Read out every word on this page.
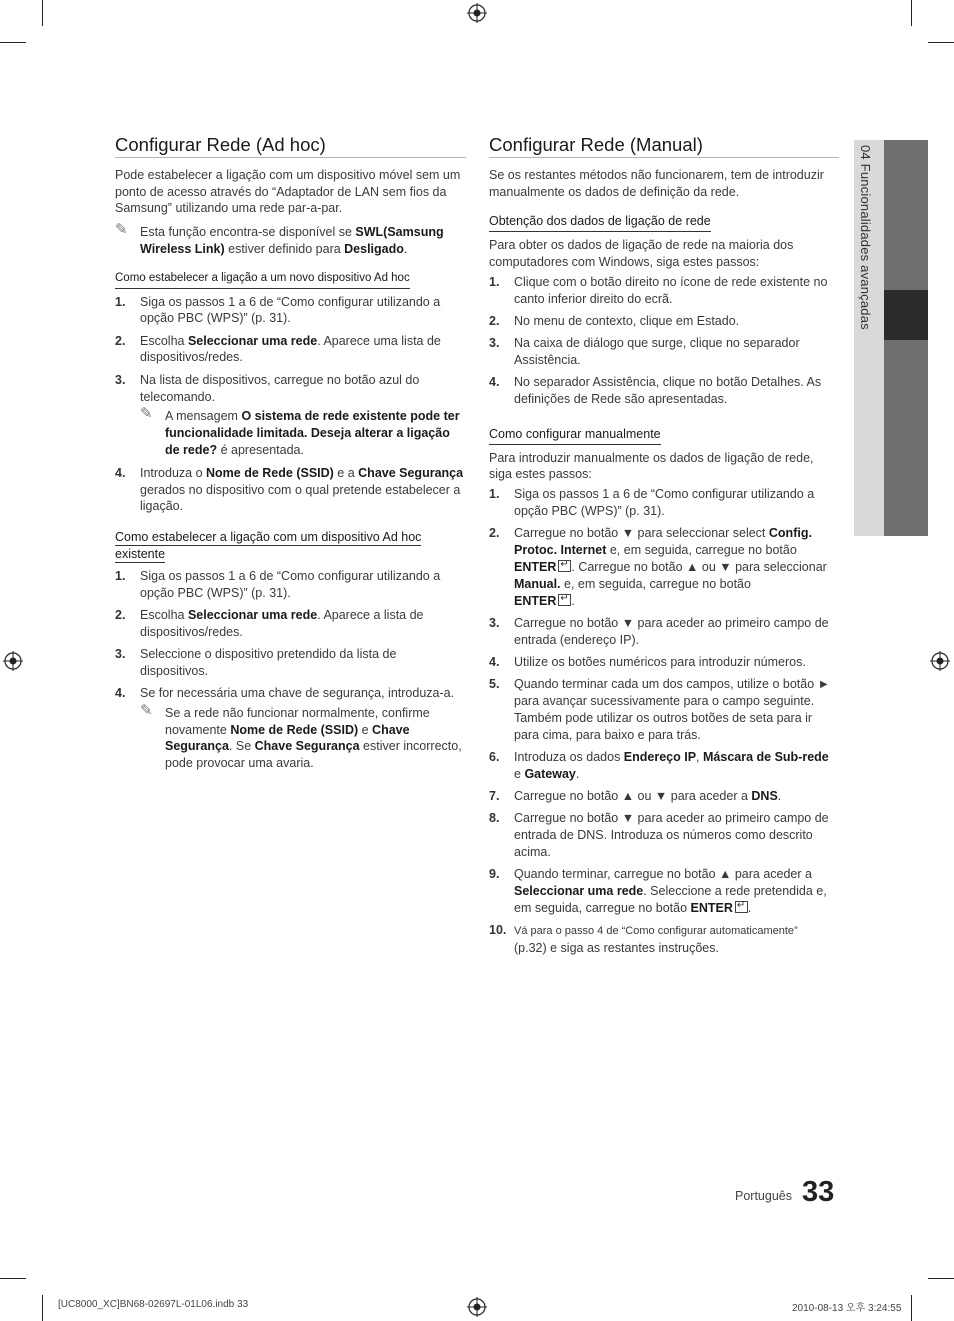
04 Funcionalidades avançadas
Configurar Rede (Ad hoc)

Pode estabelecer a ligação com um dispositivo móvel sem um ponto de acesso através do “Adaptador de LAN sem fios da Samsung” utilizando uma rede par-a-par.

✎ Esta função encontra-se disponível se SWL(Samsung Wireless Link) estiver definido para Desligado.
Como estabelecer a ligação a um novo dispositivo Ad hoc
1. Siga os passos 1 a 6 de “Como configurar utilizando a opção PBC (WPS)” (p. 31).
2. Escolha Seleccionar uma rede. Aparece uma lista de dispositivos/redes.
3. Na lista de dispositivos, carregue no botão azul do telecomando.
✎ A mensagem O sistema de rede existente pode ter funcionalidade limitada. Deseja alterar a ligação de rede? é apresentada.
4. Introduza o Nome de Rede (SSID) e a Chave Segurança gerados no dispositivo com o qual pretende estabelecer a ligação.
Como estabelecer a ligação com um dispositivo Ad hoc
existente
1. Siga os passos 1 a 6 de “Como configurar utilizando a opção PBC (WPS)” (p. 31).
2. Escolha Seleccionar uma rede. Aparece a lista de dispositivos/redes.
3. Seleccione o dispositivo pretendido da lista de dispositivos.
4. Se for necessária uma chave de segurança, introduza-a.
✎ Se a rede não funcionar normalmente, confirme novamente Nome de Rede (SSID) e Chave Segurança. Se Chave Segurança estiver incorrecto, pode provocar uma avaria.
Configurar Rede (Manual)

Se os restantes métodos não funcionarem, tem de introduzir manualmente os dados de definição da rede.

Obtenção dos dados de ligação de rede

Para obter os dados de ligação de rede na maioria dos computadores com Windows, siga estes passos:

1. Clique com o botão direito no ícone de rede existente no canto inferior direito do ecrã.
2. No menu de contexto, clique em Estado.
3. Na caixa de diálogo que surge, clique no separador Assistência.
4. No separador Assistência, clique no botão Detalhes. As definições de Rede são apresentadas.
Como configurar manualmente

Para introduzir manualmente os dados de ligação de rede, siga estes passos:

1. Siga os passos 1 a 6 de “Como configurar utilizando a opção PBC (WPS)” (p. 31).
2. Carregue no botão ▼ para seleccionar select Config. Protoc. Internet e, em seguida, carregue no botão ENTER ↵ . Carregue no botão ▲ ou ▼ para seleccionar Manual. e, em seguida, carregue no botão
ENTER ↵ .
3. Carregue no botão ▼ para aceder ao primeiro campo de entrada (endereço IP).
4. Utilize os botões numéricos para introduzir números.
5. Quando terminar cada um dos campos, utilize o botão ► para avançar sucessivamente para o campo seguinte. Também pode utilizar os outros botões de seta para ir para cima, para baixo e para trás.
6. Introduza os dados Endereço IP, Máscara de Sub-rede e Gateway.
7. Carregue no botão ▲ ou ▼ para aceder a DNS.
8. Carregue no botão ▼ para aceder ao primeiro campo de entrada de DNS. Introduza os números como descrito acima.
9. Quando terminar, carregue no botão ▲ para aceder a Seleccionar uma rede. Seleccione a rede pretendida e, em seguida, carregue no botão ENTER ↵ .
10. Vá para o passo 4 de “Como configurar automaticamente”
(p.32) e siga as restantes instruções.
Português 33
[UC8000_XC]BN68-02697L-01L06.indb 33	2010-08-13 오후 3:24:55
